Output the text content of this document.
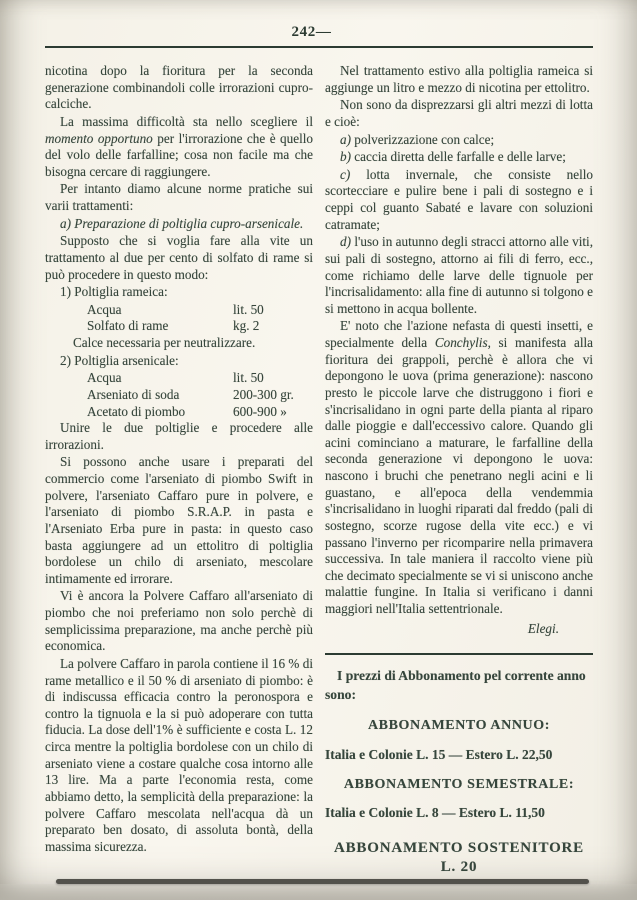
242—

nicotina dopo la fioritura per la seconda generazione combinandoli colle irrorazioni cupro-calciche.

La massima difficoltà sta nello scegliere il momento opportuno per l'irrorazione che è quello del volo delle farfalline; cosa non facile ma che bisogna cercare di raggiungere.

Per intanto diamo alcune norme pratiche sui varii trattamenti:

a) Preparazione di poltiglia cupro-arsenicale.

Supposto che si voglia fare alla vite un trattamento al due per cento di solfato di rame si può procedere in questo modo:

1) Poltiglia rameica:

Acqua	lit. 50
Solfato di rame	kg. 2

Calce necessaria per neutralizzare.

2) Poltiglia arsenicale:

Acqua	lit. 50
Arseniato di soda	200-300 gr.
Acetato di piombo	600-900 »

Unire le due poltiglie e procedere alle irrorazioni.

Si possono anche usare i preparati del commercio come l'arseniato di piombo Swift in polvere, l'arseniato Caffaro pure in polvere, e l'arseniato di piombo S.R.A.P. in pasta e l'Arseniato Erba pure in pasta: in questo caso basta aggiungere ad un ettolitro di poltiglia bordolese un chilo di arseniato, mescolare intimamente ed irrorare.

Vi è ancora la Polvere Caffaro all'arseniato di piombo che noi preferiamo non solo perchè di semplicissima preparazione, ma anche perchè più economica.

La polvere Caffaro in parola contiene il 16 % di rame metallico e il 50 % di arseniato di piombo: è di indiscussa efficacia contro la peronospora e contro la tignuola e la si può adoperare con tutta fiducia. La dose dell'1% è sufficiente e costa L. 12 circa mentre la poltiglia bordolese con un chilo di arseniato viene a costare qualche cosa intorno alle 13 lire. Ma a parte l'economia resta, come abbiamo detto, la semplicità della preparazione: la polvere Caffaro mescolata nell'acqua dà un preparato ben dosato, di assoluta bontà, della massima sicurezza.

Nel trattamento estivo alla poltiglia rameica si aggiunge un litro e mezzo di nicotina per ettolitro.

Non sono da disprezzarsi gli altri mezzi di lotta e cioè:

a) polverizzazione con calce;

b) caccia diretta delle farfalle e delle larve;

c) lotta invernale, che consiste nello scortecciare e pulire bene i pali di sostegno e i ceppi col guanto Sabaté e lavare con soluzioni catramate;

d) l'uso in autunno degli stracci attorno alle viti, sui pali di sostegno, attorno ai fili di ferro, ecc., come richiamo delle larve delle tignuole per l'incrisalidamento: alla fine di autunno si tolgono e si mettono in acqua bollente.

E' noto che l'azione nefasta di questi insetti, e specialmente della Conchylis, si manifesta alla fioritura dei grappoli, perchè è allora che vi depongono le uova (prima generazione): nascono presto le piccole larve che distruggono i fiori e s'incrisalidano in ogni parte della pianta al riparo dalle pioggie e dall'eccessivo calore. Quando gli acini cominciano a maturare, le farfalline della seconda generazione vi depongono le uova: nascono i bruchi che penetrano negli acini e li guastano, e all'epoca della vendemmia s'incrisalidano in luoghi riparati dal freddo (pali di sostegno, scorze rugose della vite ecc.) e vi passano l'inverno per ricomparire nella primavera successiva. In tale maniera il raccolto viene più che decimato specialmente se vi si uniscono anche malattie fungine. In Italia si verificano i danni maggiori nell'Italia settentrionale.

Elegi.

I prezzi di Abbonamento pel corrente anno sono:

ABBONAMENTO ANNUO:

Italia e Colonie L. 15 — Estero L. 22,50

ABBONAMENTO SEMESTRALE:

Italia e Colonie L. 8 — Estero L. 11,50

ABBONAMENTO SOSTENITORE L. 20
